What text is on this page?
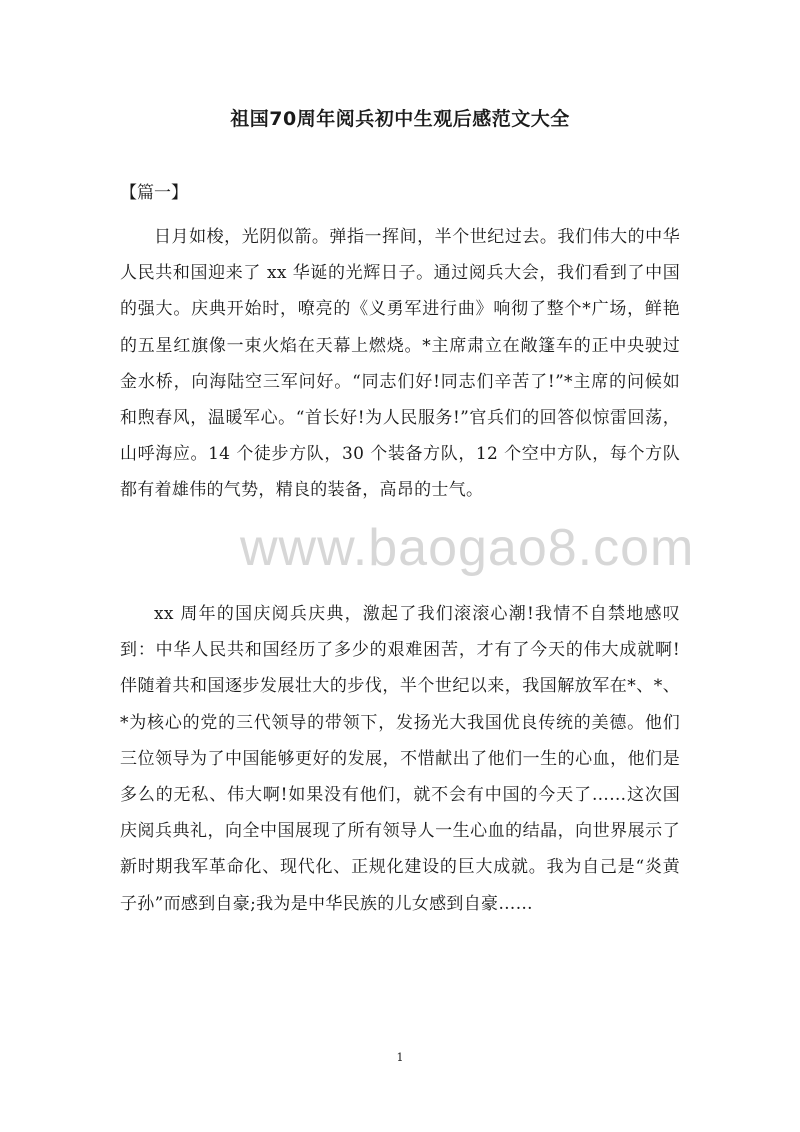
祖国70周年阅兵初中生观后感范文大全
【篇一】
日月如梭，光阴似箭。弹指一挥间，半个世纪过去。我们伟大的中华人民共和国迎来了 xx 华诞的光辉日子。通过阅兵大会，我们看到了中国的强大。庆典开始时，嘹亮的《义勇军进行曲》响彻了整个*广场，鲜艳的五星红旗像一束火焰在天幕上燃烧。*主席肃立在敞篷车的正中央驶过金水桥，向海陆空三军问好。“同志们好!同志们辛苦了!”*主席的问候如和煦春风，温暖军心。“首长好!为人民服务!”官兵们的回答似惊雷回荡，山呼海应。14 个徒步方队，30 个装备方队，12 个空中方队，每个方队都有着雄伟的气势，精良的装备，高昂的士气。
xx 周年的国庆阅兵庆典，激起了我们滚滚心潮!我情不自禁地感叹到：中华人民共和国经历了多少的艰难困苦，才有了今天的伟大成就啊!伴随着共和国逐步发展壮大的步伐，半个世纪以来，我国解放军在*、*、*为核心的党的三代领导的带领下，发扬光大我国优良传统的美德。他们三位领导为了中国能够更好的发展，不惜献出了他们一生的心血，他们是多么的无私、伟大啊!如果没有他们，就不会有中国的今天了……这次国庆阅兵典礼，向全中国展现了所有领导人一生心血的结晶，向世界展示了新时期我军革命化、现代化、正规化建设的巨大成就。我为自己是“炎黄子孙”而感到自豪;我为是中华民族的儿女感到自豪……
www.baogao8.com
1
